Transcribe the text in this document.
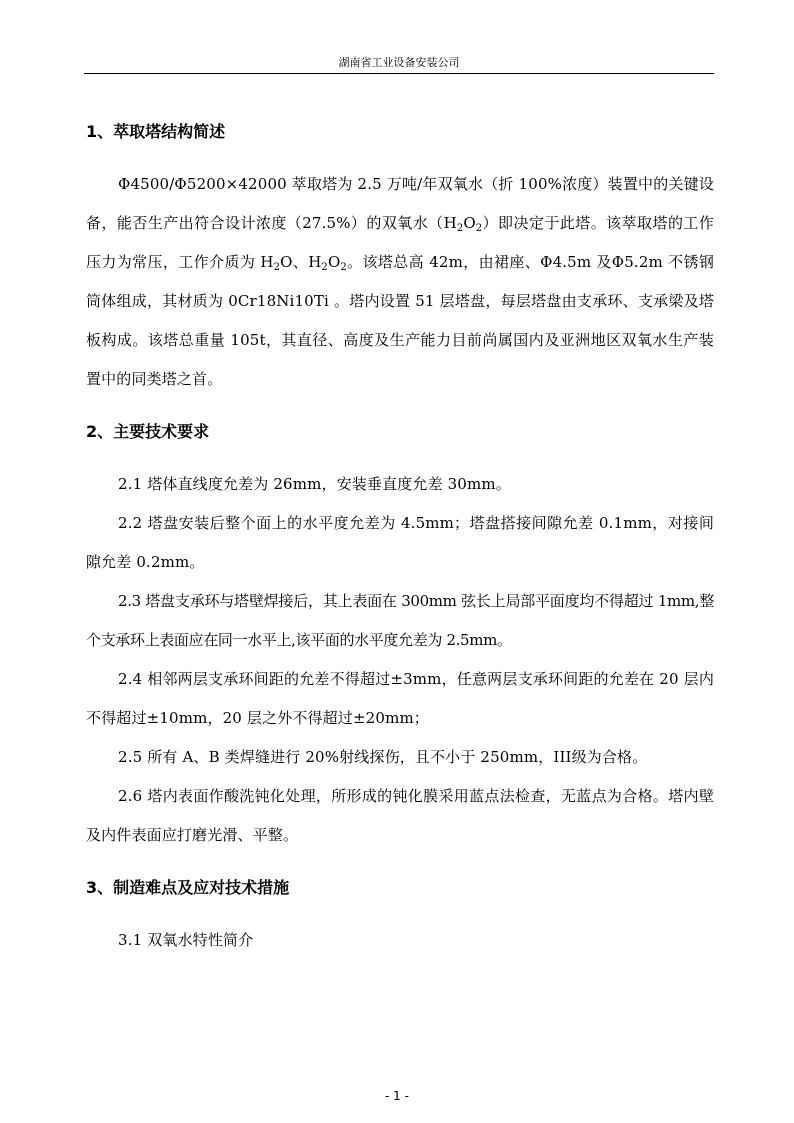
湖南省工业设备安装公司
1、萃取塔结构简述

Φ4500/Φ5200×42000 萃取塔为 2.5 万吨/年双氧水（折 100%浓度）装置中的关键设备，能否生产出符合设计浓度（27.5%）的双氧水$(H_2O_2)$即决定于此塔。该萃取塔的工作压力为常压，工作介质为 $H_2O$、$H_2O_2$。该塔总高 42m，由裙座、Φ4.5m 及Φ5.2m 不锈钢筒体组成，其材质为 0Cr18Ni10Ti 。塔内设置 51 层塔盘，每层塔盘由支承环、支承梁及塔板构成。该塔总重量 105t，其直径、高度及生产能力目前尚属国内及亚洲地区双氧水生产装置中的同类塔之首。

2、主要技术要求

2.1 塔体直线度允差为 26mm，安装垂直度允差 30mm。

2.2 塔盘安装后整个面上的水平度允差为 4.5mm；塔盘搭接间隙允差 0.1mm，对接间隙允差 0.2mm。

2.3 塔盘支承环与塔壁焊接后，其上表面在 300mm 弦长上局部平面度均不得超过 1mm,整个支承环上表面应在同一水平上,该平面的水平度允差为 2.5mm。

2.4 相邻两层支承环间距的允差不得超过±3mm，任意两层支承环间距的允差在 20 层内不得超过±10mm，20 层之外不得超过±20mm；

2.5 所有 A、B 类焊缝进行 20%射线探伤，且不小于 250mm，III级为合格。

2.6 塔内表面作酸洗钝化处理，所形成的钝化膜采用蓝点法检查，无蓝点为合格。塔内壁及内件表面应打磨光滑、平整。

3、制造难点及应对技术措施

3.1 双氧水特性简介

- 1 -
